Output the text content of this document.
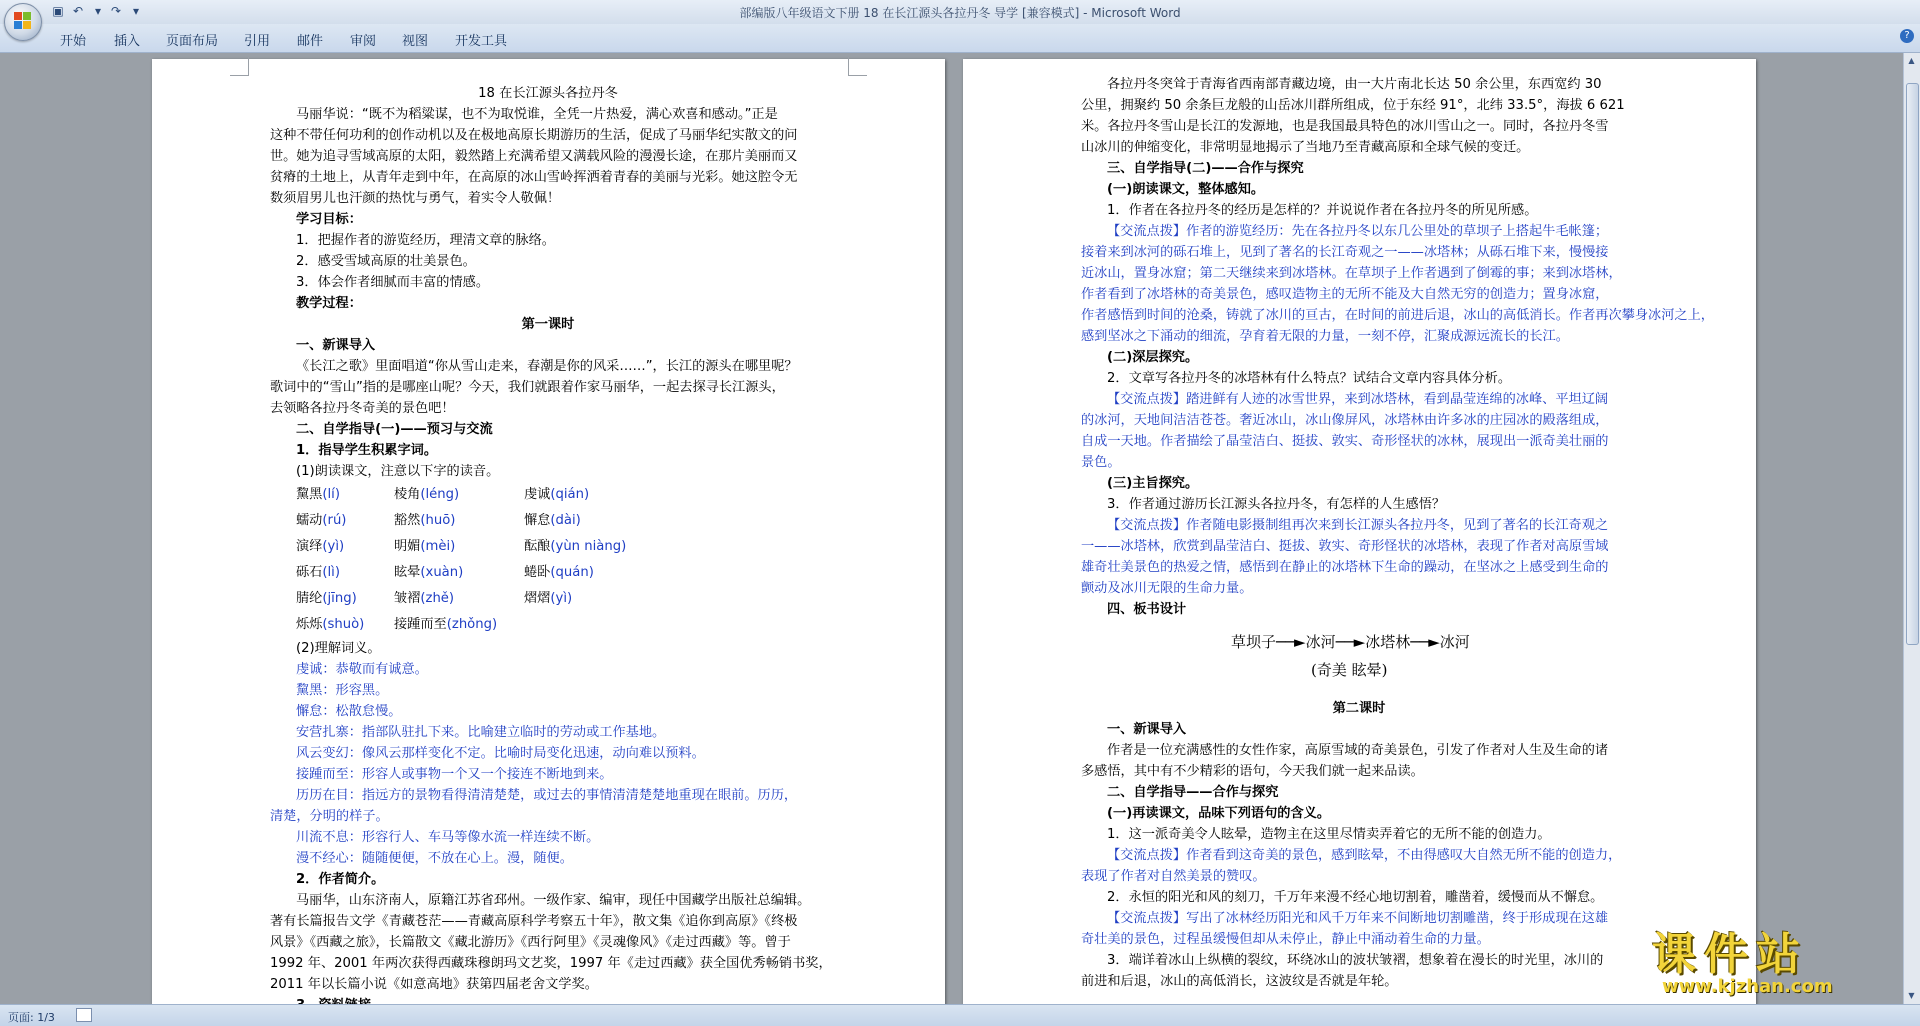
▣ ↶ ▾ ↷ ▾	部编版八年级语文下册 18 在长江源头各拉丹冬 导学 [兼容模式] - Microsoft Word
开始 插入 页面布局 引用 邮件 审阅 视图 开发工具	?
18 在长江源头各拉丹冬
马丽华说：“既不为稻粱谋，也不为取悦谁，全凭一片热爱，满心欢喜和感动。”正是
这种不带任何功利的创作动机以及在极地高原长期游历的生活，促成了马丽华纪实散文的问
世。她为追寻雪域高原的太阳，毅然踏上充满希望又满载风险的漫漫长途，在那片美丽而又
贫瘠的土地上，从青年走到中年，在高原的冰山雪岭挥洒着青春的美丽与光彩。她这腔令无
数须眉男儿也汗颜的热忱与勇气，着实令人敬佩！
学习目标：
1．把握作者的游览经历，理清文章的脉络。
2．感受雪域高原的壮美景色。
3．体会作者细腻而丰富的情感。
教学过程：
第一课时
一、新课导入
《长江之歌》里面唱道“你从雪山走来，春潮是你的风采……”，长江的源头在哪里呢？
歌词中的“雪山”指的是哪座山呢？今天，我们就跟着作家马丽华，一起去探寻长江源头，
去领略各拉丹冬奇美的景色吧！
二、自学指导(一)——预习与交流
1．指导学生积累字词。
(1)朗读课文，注意以下字的读音。
黧黑(lí)	棱角(léng)	虔诚(qián)
蠕动(rú)	豁然(huō)	懈怠(dài)
演绎(yì)	明媚(mèi)	酝酿(yùn niàng)
砾石(lì)	眩晕(xuàn)	蜷卧(quán)
腈纶(jīng)	皱褶(zhě)	熠熠(yì)
烁烁(shuò)	接踵而至(zhǒng)
(2)理解词义。
虔诚：恭敬而有诚意。
黧黑：形容黑。
懈怠：松散怠慢。
安营扎寨：指部队驻扎下来。比喻建立临时的劳动或工作基地。
风云变幻：像风云那样变化不定。比喻时局变化迅速，动向难以预料。
接踵而至：形容人或事物一个又一个接连不断地到来。
历历在目：指远方的景物看得清清楚楚，或过去的事情清清楚楚地重现在眼前。历历，
清楚，分明的样子。
川流不息：形容行人、车马等像水流一样连续不断。
漫不经心：随随便便，不放在心上。漫，随便。
2．作者简介。
马丽华，山东济南人，原籍江苏省邳州。一级作家、编审，现任中国藏学出版社总编辑。
著有长篇报告文学《青藏苍茫——青藏高原科学考察五十年》，散文集《追你到高原》《终极
风景》《西藏之旅》，长篇散文《藏北游历》《西行阿里》《灵魂像风》《走过西藏》等。曾于
1992 年、2001 年两次获得西藏珠穆朗玛文艺奖，1997 年《走过西藏》获全国优秀畅销书奖，
2011 年以长篇小说《如意高地》获第四届老舍文学奖。
各拉丹冬突耸于青海省西南部青藏边境，由一大片南北长达 50 余公里，东西宽约 30
公里，拥聚约 50 余条巨龙般的山岳冰川群所组成，位于东经 91°，北纬 33.5°，海拔 6 621
米。各拉丹冬雪山是长江的发源地，也是我国最具特色的冰川雪山之一。同时，各拉丹冬雪
山冰川的伸缩变化，非常明显地揭示了当地乃至青藏高原和全球气候的变迁。
三、自学指导(二)——合作与探究
(一)朗读课文，整体感知。
1．作者在各拉丹冬的经历是怎样的？并说说作者在各拉丹冬的所见所感。
【交流点拨】作者的游览经历：先在各拉丹冬以东几公里处的草坝子上搭起牛毛帐篷；
接着来到冰河的砾石堆上，见到了著名的长江奇观之一——冰塔林；从砾石堆下来，慢慢接
近冰山，置身冰窟；第二天继续来到冰塔林。在草坝子上作者遇到了倒霉的事；来到冰塔林，
作者看到了冰塔林的奇美景色，感叹造物主的无所不能及大自然无穷的创造力；置身冰窟，
作者感悟到时间的沧桑，铸就了冰川的亘古，在时间的前进后退，冰山的高低消长。作者再次攀身冰河之上，
感到坚冰之下涌动的细流，孕育着无限的力量，一刻不停，汇聚成源远流长的长江。
(二)深层探究。
2．文章写各拉丹冬的冰塔林有什么特点？试结合文章内容具体分析。
【交流点拨】踏进鲜有人迹的冰雪世界，来到冰塔林，看到晶莹连绵的冰峰、平坦辽阔
的冰河，天地间洁洁苍苍。奢近冰山，冰山像屏风，冰塔林由许多冰的庄园冰的殿落组成，
自成一天地。作者描绘了晶莹洁白、挺拔、敦实、奇形怪状的冰林，展现出一派奇美壮丽的
景色。
(三)主旨探究。
3．作者通过游历长江源头各拉丹冬，有怎样的人生感悟？
【交流点拨】作者随电影摄制组再次来到长江源头各拉丹冬，见到了著名的长江奇观之
一——冰塔林，欣赏到晶莹洁白、挺拔、敦实、奇形怪状的冰塔林，表现了作者对高原雪域
雄奇壮美景色的热爱之情，感悟到在静止的冰塔林下生命的躁动，在坚冰之上感受到生命的
颤动及冰川无限的生命力量。
四、板书设计
草坝子──►冰河──►冰塔林──►冰河
(奇美 眩晕)
第二课时
一、新课导入
作者是一位充满感性的女性作家，高原雪域的奇美景色，引发了作者对人生及生命的诸
多感悟，其中有不少精彩的语句，今天我们就一起来品读。
二、自学指导——合作与探究
(一)再读课文，品味下列语句的含义。
1．这一派奇美令人眩晕，造物主在这里尽情卖弄着它的无所不能的创造力。
【交流点拨】作者看到这奇美的景色，感到眩晕，不由得感叹大自然无所不能的创造力，
表现了作者对自然美景的赞叹。
2．永恒的阳光和风的刻刀，千万年来漫不经心地切割着，雕凿着，缓慢而从不懈怠。
【交流点拨】写出了冰林经历阳光和风千万年来不间断地切割雕凿，终于形成现在这雄
奇壮美的景色，过程虽缓慢但却从未停止，静止中涌动着生命的力量。
3．端详着冰山上纵横的裂纹，环绕冰山的波状皱褶，想象着在漫长的时光里，冰川的
前进和后退，冰山的高低消长，这波纹是否就是年轮。
▲
▼
页面: 1/3
课件站
www.kjzhan.com
